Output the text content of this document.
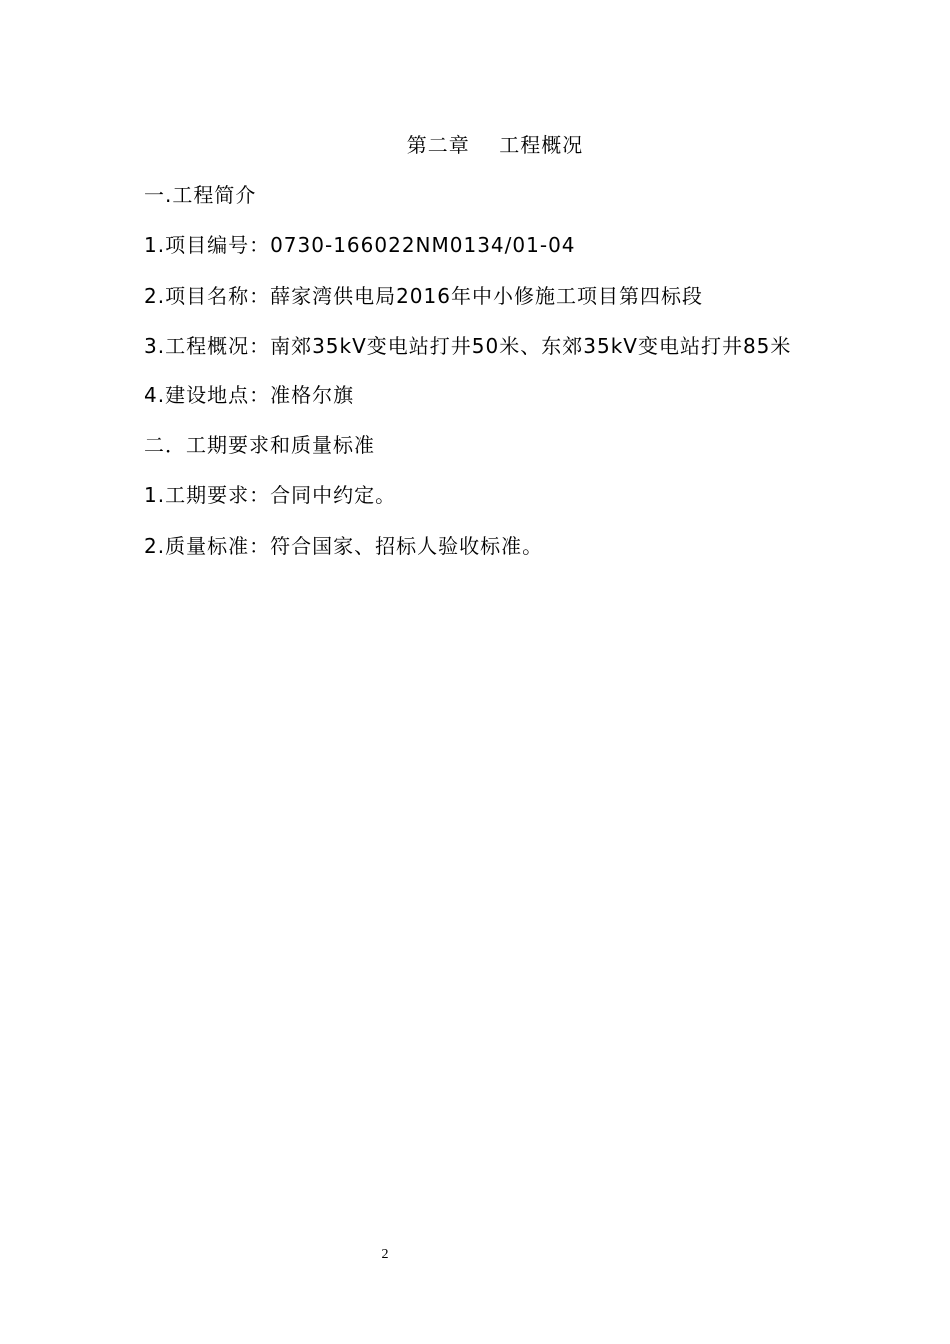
第二章    工程概况
一.工程简介
1.项目编号：0730-166022NM0134/01-04
2.项目名称：薛家湾供电局2016年中小修施工项目第四标段
3.工程概况：南郊35kV变电站打井50米、东郊35kV变电站打井85米
4.建设地点：准格尔旗
二．工期要求和质量标准
1.工期要求：合同中约定。
2.质量标准：符合国家、招标人验收标准。
2
